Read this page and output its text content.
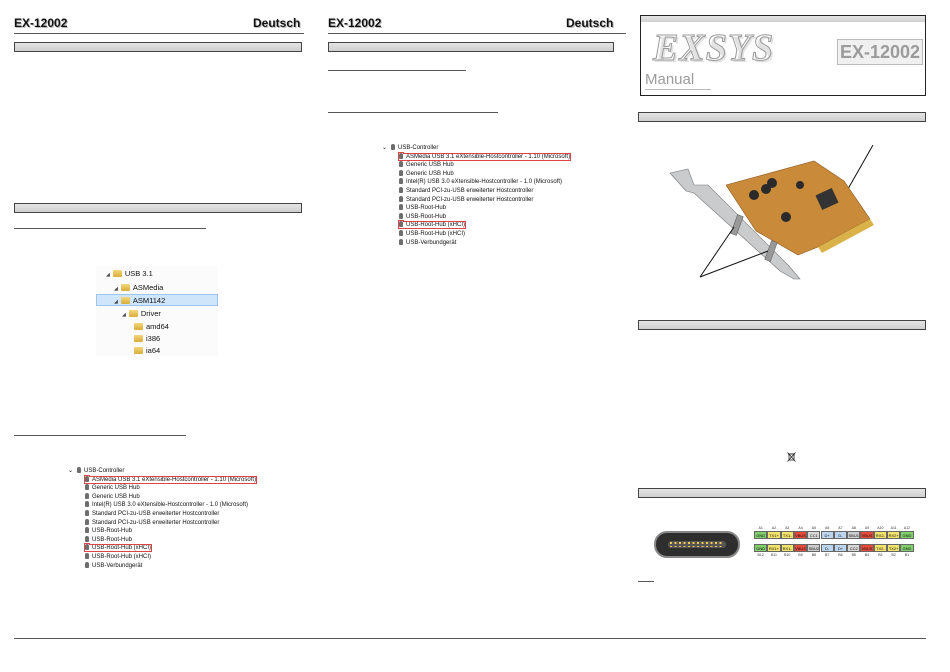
EX-12002	Deutsch
◢ USB 3.1
◢ ASMedia
◢ ASM1142
◢ Driver
amd64
i386
ia64
⌄ USB-Controller
ASMedia USB 3.1 eXtensible-Hostcontroller - 1.10 (Microsoft)
Generic USB Hub
Generic USB Hub
Intel(R) USB 3.0 eXtensible-Hostcontroller - 1.0 (Microsoft)
Standard PCI-zu-USB erweiterter Hostcontroller
Standard PCI-zu-USB erweiterter Hostcontroller
USB-Root-Hub
USB-Root-Hub
USB-Root-Hub (xHCI)
USB-Root-Hub (xHCI)
USB-Verbundgerät
EX-12002	Deutsch
⌄ USB-Controller
ASMedia USB 3.1 eXtensible-Hostcontroller - 1.10 (Microsoft)
Generic USB Hub
Generic USB Hub
Intel(R) USB 3.0 eXtensible-Hostcontroller - 1.0 (Microsoft)
Standard PCI-zu-USB erweiterter Hostcontroller
Standard PCI-zu-USB erweiterter Hostcontroller
USB-Root-Hub
USB-Root-Hub
USB-Root-Hub (xHCI)
USB-Root-Hub (xHCI)
USB-Verbundgerät
EXSYS	EX-12002
Manual
A1	A2	A3	A4	A5	A6	A7	A8	A9	A10	A11	A12
GND	TX1+	TX1- VBUS CC1	D+	D-	SBU1 VBUS RX2- RX2+ GND
GND RX1+ RX1- VBUS SBU2	D-	D+	CC2 VBUS TX2-	TX2+	GND
B12	B11	B10	B9	B8	B7	B6	B5	B4	B3	B2	B1
